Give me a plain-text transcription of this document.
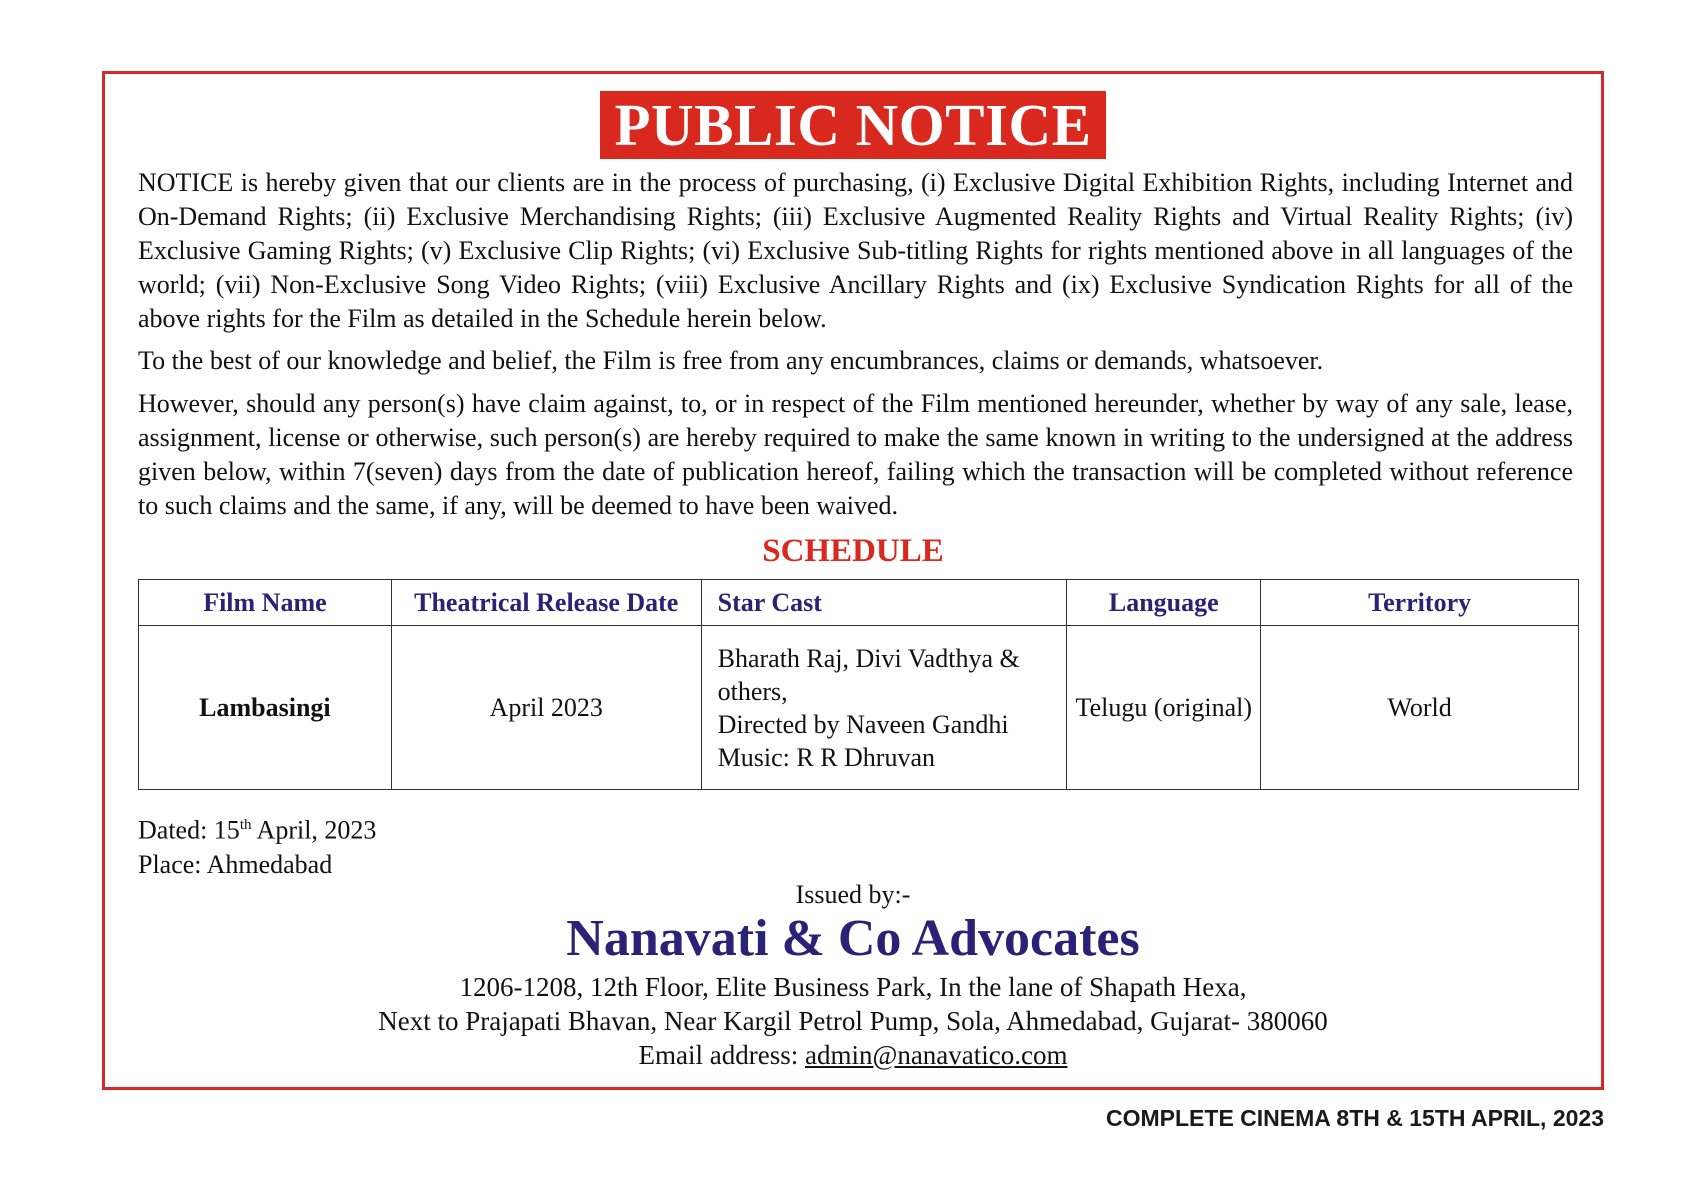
PUBLIC NOTICE

NOTICE is hereby given that our clients are in the process of purchasing, (i) Exclusive Digital Exhibition Rights, including Internet and On-Demand Rights; (ii) Exclusive Merchandising Rights; (iii) Exclusive Augmented Reality Rights and Virtual Reality Rights; (iv) Exclusive Gaming Rights; (v) Exclusive Clip Rights; (vi) Exclusive Sub-titling Rights for rights mentioned above in all languages of the world; (vii) Non-Exclusive Song Video Rights; (viii) Exclusive Ancillary Rights and (ix) Exclusive Syndication Rights for all of the above rights for the Film as detailed in the Schedule herein below.

To the best of our knowledge and belief, the Film is free from any encumbrances, claims or demands, whatsoever.

However, should any person(s) have claim against, to, or in respect of the Film mentioned hereunder, whether by way of any sale, lease, assignment, license or otherwise, such person(s) are hereby required to make the same known in writing to the undersigned at the address given below, within 7(seven) days from the date of publication hereof, failing which the transaction will be completed without reference to such claims and the same, if any, will be deemed to have been waived.

SCHEDULE
Film Name	Theatrical Release Date	Star Cast	Language	Territory
Lambasingi	April 2023	Bharath Raj, Divi Vadthya &
others,
Directed by Naveen Gandhi
Music: R R Dhruvan	Telugu (original)	World
Dated: 15th April, 2023
Place: Ahmedabad
Issued by:-
Nanavati & Co Advocates
1206-1208, 12th Floor, Elite Business Park, In the lane of Shapath Hexa,
Next to Prajapati Bhavan, Near Kargil Petrol Pump, Sola, Ahmedabad, Gujarat- 380060
Email address: admin@nanavatico.com
COMPLETE CINEMA 8TH & 15TH APRIL, 2023
